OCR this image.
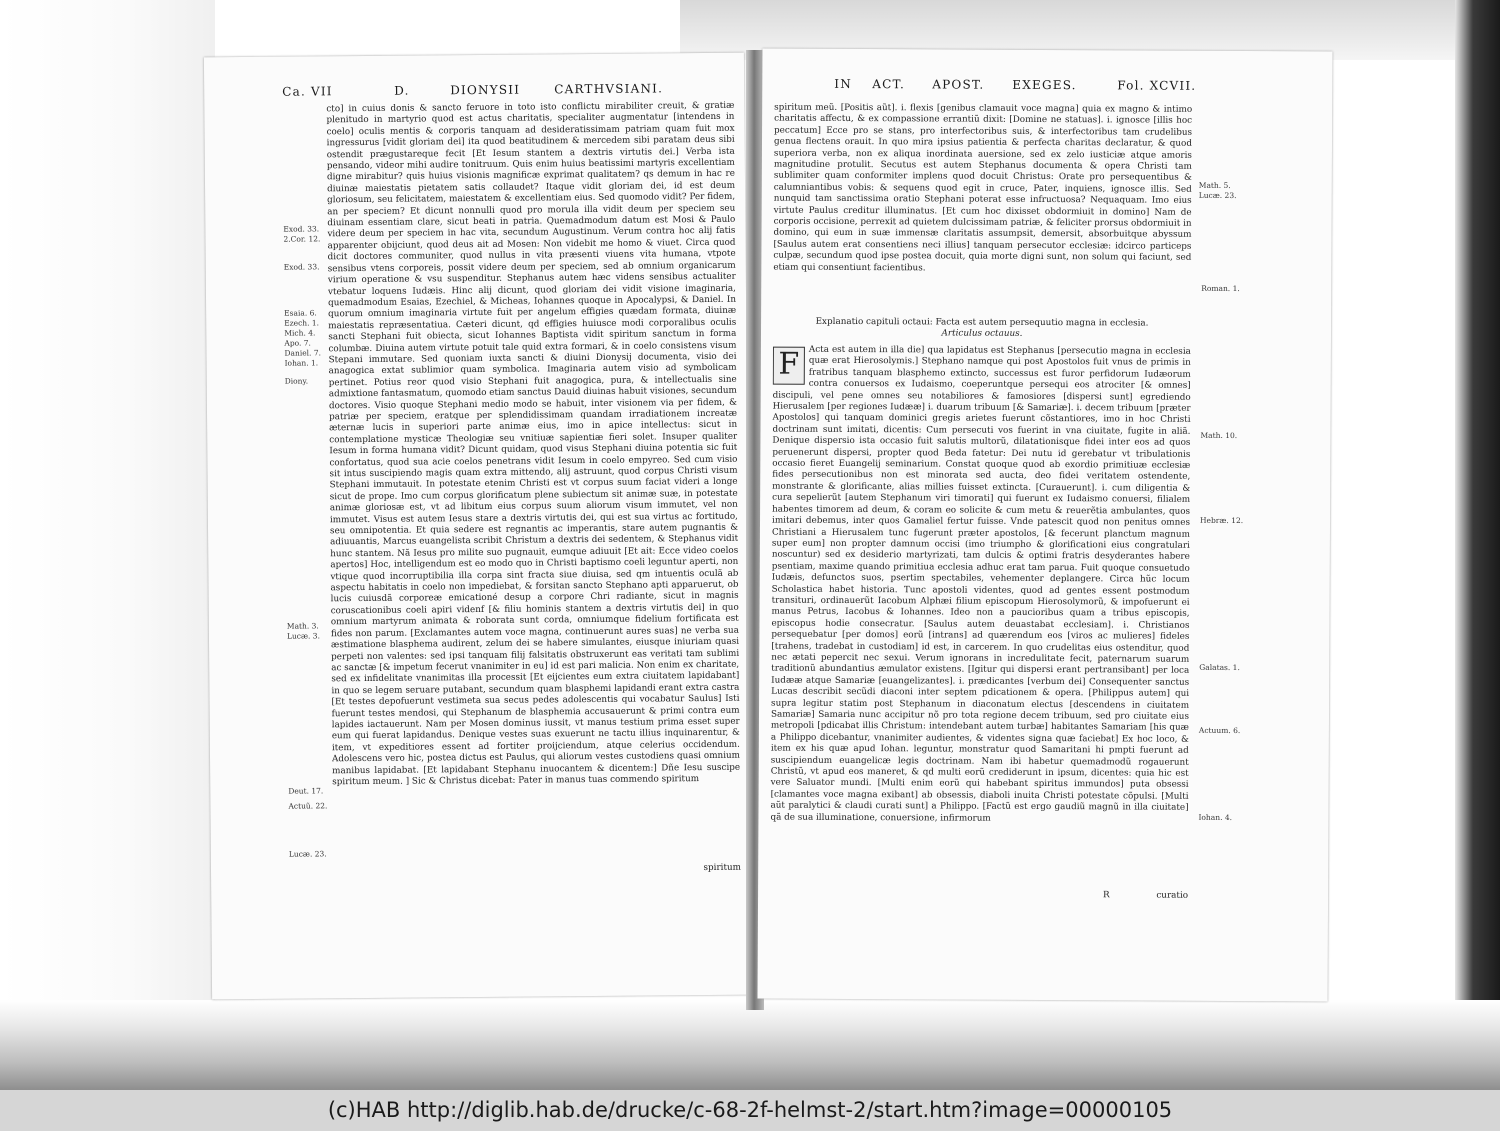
Ca. VII	D.	DIONYSII	CARTHVSIANI.
Exod. 33.
2.Cor. 12.
Exod. 33.
Esaia. 6.
Ezech. 1.
Mich. 4.
Apo. 7.
Daniel. 7.
Iohan. 1.
Diony.
Math. 3.
Lucæ. 3.
Deut. 17.
Actuũ. 22.
Lucæ. 23.

cto] in cuius donis & sancto feruore in toto isto conflictu mirabiliter creuit, & gratiæ plenitudo in martyrio quod est actus charitatis, specialiter augmentatur [intendens in coelo] oculis mentis & corporis tanquam ad desideratissimam patriam quam fuit mox ingressurus [vidit gloriam dei] ita quod beatitudinem & mercedem sibi paratam deus sibi ostendit prægustareque fecit [Et Iesum stantem a dextris virtutis dei.] Verba ista pensando, videor mihi audire tonitruum. Quis enim huius beatissimi martyris excellentiam digne mirabitur? quis huius visionis magnificæ exprimat qualitatem? qs demum in hac re diuinæ maiestatis pietatem satis collaudet? Itaque vidit gloriam dei, id est deum gloriosum, seu felicitatem, maiestatem & excellentiam eius. Sed quomodo vidit? Per fidem, an per speciem? Et dicunt nonnulli quod pro morula illa vidit deum per speciem seu diuinam essentiam clare, sicut beati in patria. Quemadmodum datum est Mosi & Paulo videre deum per speciem in hac vita, secundum Augustinum. Verum contra hoc alij fatis apparenter obijciunt, quod deus ait ad Mosen: Non videbit me homo & viuet. Circa quod dicit doctores communiter, quod nullus in vita præsenti viuens vita humana, vtpote sensibus vtens corporeis, possit videre deum per speciem, sed ab omnium organicarum virium operatione & vsu suspenditur. Stephanus autem hæc videns sensibus actualiter vtebatur loquens Iudæis. Hinc alij dicunt, quod gloriam dei vidit visione imaginaria, quemadmodum Esaias, Ezechiel, & Micheas, Iohannes quoque in Apocalypsi, & Daniel. In quorum omnium imaginaria virtute fuit per angelum effigies quædam formata, diuinæ maiestatis repræsentatiua. Cæteri dicunt, qd effigies huiusce modi corporalibus oculis sancti Stephani fuit obiecta, sicut Iohannes Baptista vidit spiritum sanctum in forma columbæ. Diuina autem virtute potuit tale quid extra formari, & in coelo consistens visum Stepani immutare. Sed quoniam iuxta sancti & diuini Dionysij documenta, visio dei anagogica extat sublimior quam symbolica. Imaginaria autem visio ad symbolicam pertinet. Potius reor quod visio Stephani fuit anagogica, pura, & intellectualis sine admixtione fantasmatum, quomodo etiam sanctus Dauid diuinas habuit visiones, secundum doctores. Visio quoque Stephani medio modo se habuit, inter visionem via per fidem, & patriæ per speciem, eratque per splendidissimam quandam irradiationem increatæ æternæ lucis in superiori parte animæ eius, imo in apice intellectus: sicut in contemplatione mysticæ Theologiæ seu vnitiuæ sapientiæ fieri solet. Insuper qualiter Iesum in forma humana vidit? Dicunt quidam, quod visus Stephani diuina potentia sic fuit confortatus, quod sua acie coelos penetrans vidit Iesum in coelo empyreo. Sed cum visio sit intus suscipiendo magis quam extra mittendo, alij astruunt, quod corpus Christi visum Stephani immutauit. In potestate etenim Christi est vt corpus suum faciat videri a longe sicut de prope. Imo cum corpus glorificatum plene subiectum sit animæ suæ, in potestate animæ gloriosæ est, vt ad libitum eius corpus suum aliorum visum immutet, vel non immutet. Visus est autem Iesus stare a dextris virtutis dei, qui est sua virtus ac fortitudo, seu omnipotentia. Et quia sedere est regnantis ac imperantis, stare autem pugnantis & adiuuantis, Marcus euangelista scribit Christum a dextris dei sedentem, & Stephanus vidit hunc stantem. Nã Iesus pro milite suo pugnauit, eumque adiuuit [Et ait: Ecce video coelos apertos] Hoc, intelligendum est eo modo quo in Christi baptismo coeli leguntur aperti, non vtique quod incorruptibilia illa corpa sint fracta siue diuisa, sed qm intuentis oculã ab aspectu habitatis in coelo non impediebat, & forsitan sancto Stephano apti apparuerut, ob lucis cuiusdã corporeæ emicationé desup a corpore Chri radiante, sicut in magnis coruscationibus coeli apiri videnf [& filiu hominis stantem a dextris virtutis dei] in quo omnium martyrum animata & roborata sunt corda, omniumque fidelium fortificata est fides non parum. [Exclamantes autem voce magna, continuerunt aures suas] ne verba sua æstimatione blasphema audirent, zelum dei se habere simulantes, eiusque iniuriam quasi perpeti non valentes: sed ipsi tanquam filij falsitatis obstruxerunt eas veritati tam sublimi ac sanctæ [& impetum fecerut vnanimiter in eu] id est pari malicia. Non enim ex charitate, sed ex infidelitate vnanimitas illa processit [Et eijcientes eum extra ciuitatem lapidabant] in quo se legem seruare putabant, secundum quam blasphemi lapidandi erant extra castra [Et testes depofuerunt vestimeta sua secus pedes adolescentis qui vocabatur Saulus] Isti fuerunt testes mendosi, qui Stephanum de blasphemia accusauerunt & primi contra eum lapides iactauerunt. Nam per Mosen dominus iussit, vt manus testium prima esset super eum qui fuerat lapidandus. Denique vestes suas exuerunt ne tactu illius inquinarentur, & item, vt expeditiores essent ad fortiter proijciendum, atque celerius occidendum. Adolescens vero hic, postea dictus est Paulus, qui aliorum vestes custodiens quasi omnium manibus lapidabat. [Et lapidabant Stephanu inuocantem & dicentem:] Dñe Iesu suscipe spiritum meum. ] Sic & Christus dicebat: Pater in manus tuas commendo spiritum

spiritum
IN ACT. APOST. EXEGES.	Fol. XCVII.
Math. 5.
Lucæ. 23.
Roman. 1.
Math. 10.
Hebræ. 12.
Galatas. 1.
Actuum. 6.
Iohan. 4.

spiritum meũ. [Positis aũt]. i. flexis [genibus clamauit voce magna] quia ex magno & intimo charitatis affectu, & ex compassione errantiũ dixit: [Domine ne statuas]. i. ignosce [illis hoc peccatum] Ecce pro se stans, pro interfectoribus suis, & interfectoribus tam crudelibus genua flectens orauit. In quo mira ipsius patientia & perfecta charitas declaratur, & quod superiora verba, non ex aliqua inordinata auersione, sed ex zelo iusticiæ atque amoris magnitudine protulit. Secutus est autem Stephanus documenta & opera Christi tam sublimiter quam conformiter implens quod docuit Christus: Orate pro persequentibus & calumniantibus vobis: & sequens quod egit in cruce, Pater, inquiens, ignosce illis. Sed nunquid tam sanctissima oratio Stephani poterat esse infructuosa? Nequaquam. Imo eius virtute Paulus creditur illuminatus. [Et cum hoc dixisset obdormiuit in domino] Nam de corporis occisione, perrexit ad quietem dulcissimam patriæ, & feliciter prorsus obdormiuit in domino, qui eum in suæ immensæ claritatis assumpsit, demersit, absorbuitque abyssum [Saulus autem erat consentiens neci illius] tanquam persecutor ecclesiæ: idcirco particeps culpæ, secundum quod ipse postea docuit, quia morte digni sunt, non solum qui faciunt, sed etiam qui consentiunt facientibus.

Explanatio capituli octaui: Facta est autem persequutio magna in ecclesia.

Articulus octauus.

F	Acta est autem in illa die] qua lapidatus est Stephanus [persecutio magna in ecclesia quæ erat Hierosolymis.] Stephano namque qui post Apostolos fuit vnus de primis in fratribus tanquam blasphemo extincto, successus est furor perfidorum Iudæorum contra conuersos ex Iudaismo, coeperuntque persequi eos atrociter [& omnes] discipuli, vel pene omnes seu notabiliores & famosiores [dispersi sunt] egrediendo Hierusalem [per regiones Iudææ] i. duarum tribuum [& Samariæ]. i. decem tribuum [præter Apostolos] qui tanquam dominici gregis arietes fuerunt cõstantiores, imo in hoc Christi doctrinam sunt imitati, dicentis: Cum persecuti vos fuerint in vna ciuitate, fugite in aliã. Denique dispersio ista occasio fuit salutis multorũ, dilatationisque fidei inter eos ad quos peruenerunt dispersi, propter quod Beda fatetur: Dei nutu id gerebatur vt tribulationis occasio fieret Euangelij seminarium. Constat quoque quod ab exordio primitiuæ ecclesiæ fides persecutionibus non est minorata sed aucta, deo fidei veritatem ostendente, monstrante & glorificante, alias millies fuisset extincta. [Curauerunt]. i. cum diligentia & cura sepelierũt [autem Stephanum viri timorati] qui fuerunt ex Iudaismo conuersi, filialem habentes timorem ad deum, & coram eo solicite & cum metu & reuerẽtia ambulantes, quos imitari debemus, inter quos Gamaliel fertur fuisse. Vnde patescit quod non penitus omnes Christiani a Hierusalem tunc fugerunt præter apostolos, [& fecerunt planctum magnum super eum] non propter damnum occisi (imo triumpho & glorificationi eius congratulari noscuntur) sed ex desiderio martyrizati, tam dulcis & optimi fratris desyderantes habere psentiam, maxime quando primitiua ecclesia adhuc erat tam parua. Fuit quoque consuetudo Iudæis, defunctos suos, psertim spectabiles, vehementer deplangere. Circa hũc locum Scholastica habet historia. Tunc apostoli videntes, quod ad gentes essent postmodum transituri, ordinauerũt Iacobum Alphæi filium episcopum Hierosolymorũ, & impofuerunt ei manus Petrus, Iacobus & Iohannes. Ideo non a paucioribus quam a tribus episcopis, episcopus hodie consecratur. [Saulus autem deuastabat ecclesiam]. i. Christianos persequebatur [per domos] eorũ [intrans] ad quærendum eos [viros ac mulieres] fideles [trahens, tradebat in custodiam] id est, in carcerem. In quo crudelitas eius ostenditur, quod nec ætati pepercit nec sexui. Verum ignorans in incredulitate fecit, paternarum suarum traditionũ abundantius æmulator existens. [Igitur qui dispersi erant pertransibant] per loca Iudææ atque Samariæ [euangelizantes]. i. prædicantes [verbum dei] Consequenter sanctus Lucas describit secũdi diaconi inter septem pdicationem & opera. [Philippus autem] qui supra legitur statim post Stephanum in diaconatum electus [descendens in ciuitatem Samariæ] Samaria nunc accipitur nõ pro tota regione decem tribuum, sed pro ciuitate eius metropoli [pdicabat illis Christum: intendebant autem turbæ] habitantes Samariam [his quæ a Philippo dicebantur, vnanimiter audientes, & videntes signa quæ faciebat] Ex hoc loco, & item ex his quæ apud Iohan. leguntur, monstratur quod Samaritani hi pmpti fuerunt ad suscipiendum euangelicæ legis doctrinam. Nam ibi habetur quemadmodũ rogauerunt Christũ, vt apud eos maneret, & qd multi eorũ crediderunt in ipsum, dicentes: quia hic est vere Saluator mundi. [Multi enim eorũ qui habebant spiritus immundos] puta obsessi [clamantes voce magna exibant] ab obsessis, diaboli inuita Christi potestate cõpulsi. [Multi aũt paralytici & claudi curati sunt] a Philippo. [Factũ est ergo gaudiũ magnũ in illa ciuitate] qã de sua illuminatione, conuersione, infirmorum

R	curatio
(c)HAB http://diglib.hab.de/drucke/c-68-2f-helmst-2/start.htm?image=00000105
